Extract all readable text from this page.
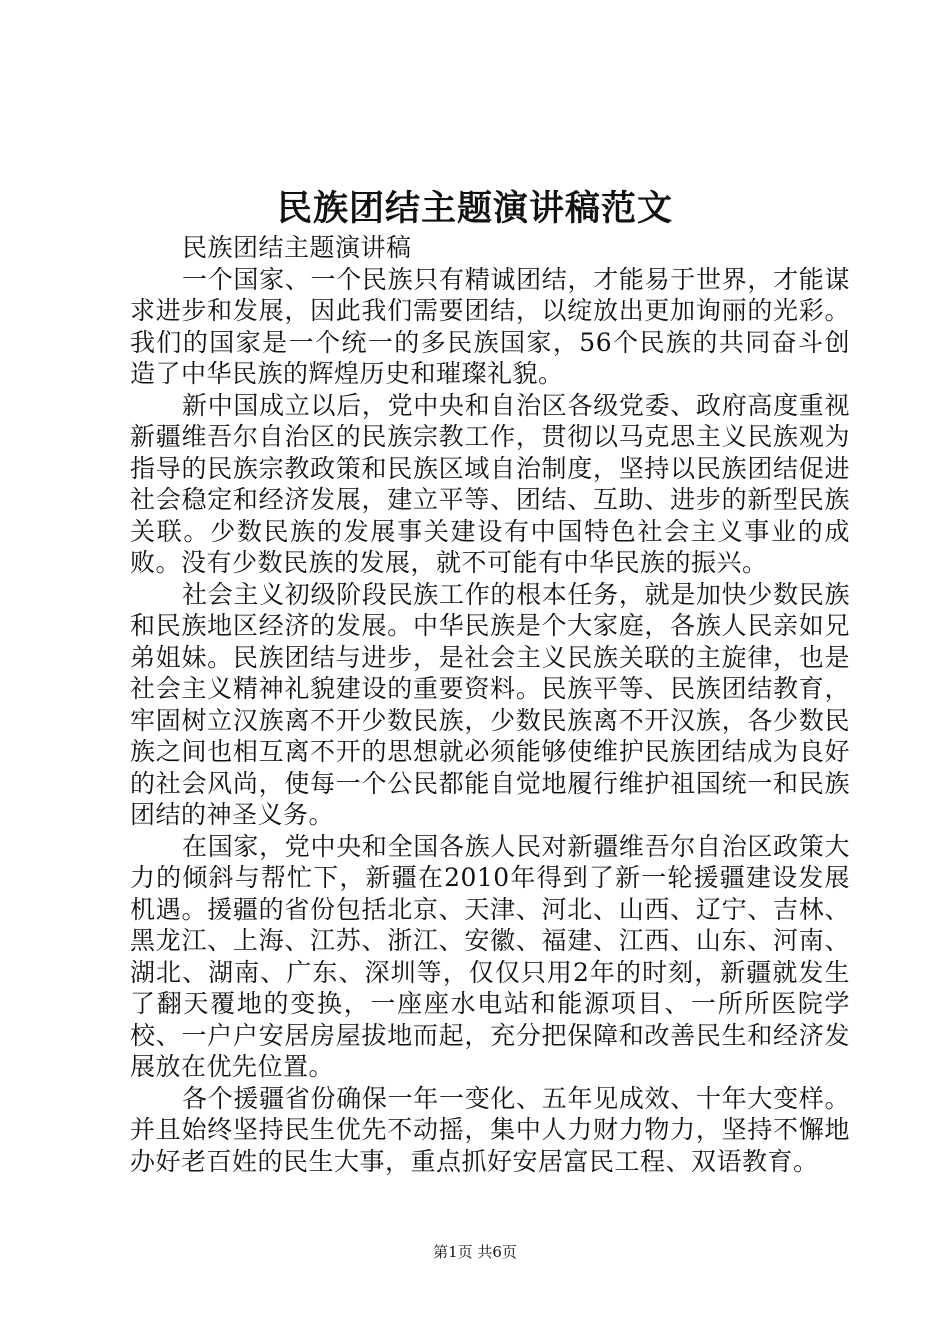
民族团结主题演讲稿范文

民族团结主题演讲稿

一个国家、一个民族只有精诚团结，才能易于世界，才能谋求进步和发展，因此我们需要团结，以绽放出更加询丽的光彩。我们的国家是一个统一的多民族国家，56个民族的共同奋斗创造了中华民族的辉煌历史和璀璨礼貌。

新中国成立以后，党中央和自治区各级党委、政府高度重视新疆维吾尔自治区的民族宗教工作，贯彻以马克思主义民族观为指导的民族宗教政策和民族区域自治制度，坚持以民族团结促进社会稳定和经济发展，建立平等、团结、互助、进步的新型民族关联。少数民族的发展事关建设有中国特色社会主义事业的成败。没有少数民族的发展，就不可能有中华民族的振兴。

社会主义初级阶段民族工作的根本任务，就是加快少数民族和民族地区经济的发展。中华民族是个大家庭，各族人民亲如兄弟姐妹。民族团结与进步，是社会主义民族关联的主旋律，也是社会主义精神礼貌建设的重要资料。民族平等、民族团结教育，牢固树立汉族离不开少数民族，少数民族离不开汉族，各少数民族之间也相互离不开的思想就必须能够使维护民族团结成为良好的社会风尚，使每一个公民都能自觉地履行维护祖国统一和民族团结的神圣义务。

在国家，党中央和全国各族人民对新疆维吾尔自治区政策大力的倾斜与帮忙下，新疆在2010年得到了新一轮援疆建设发展机遇。援疆的省份包括北京、天津、河北、山西、辽宁、吉林、黑龙江、上海、江苏、浙江、安徽、福建、江西、山东、河南、湖北、湖南、广东、深圳等，仅仅只用2年的时刻，新疆就发生了翻天覆地的变换，一座座水电站和能源项目、一所所医院学校、一户户安居房屋拔地而起，充分把保障和改善民生和经济发展放在优先位置。

各个援疆省份确保一年一变化、五年见成效、十年大变样。并且始终坚持民生优先不动摇，集中人力财力物力，坚持不懈地办好老百姓的民生大事，重点抓好安居富民工程、双语教育。

第1页 共6页
